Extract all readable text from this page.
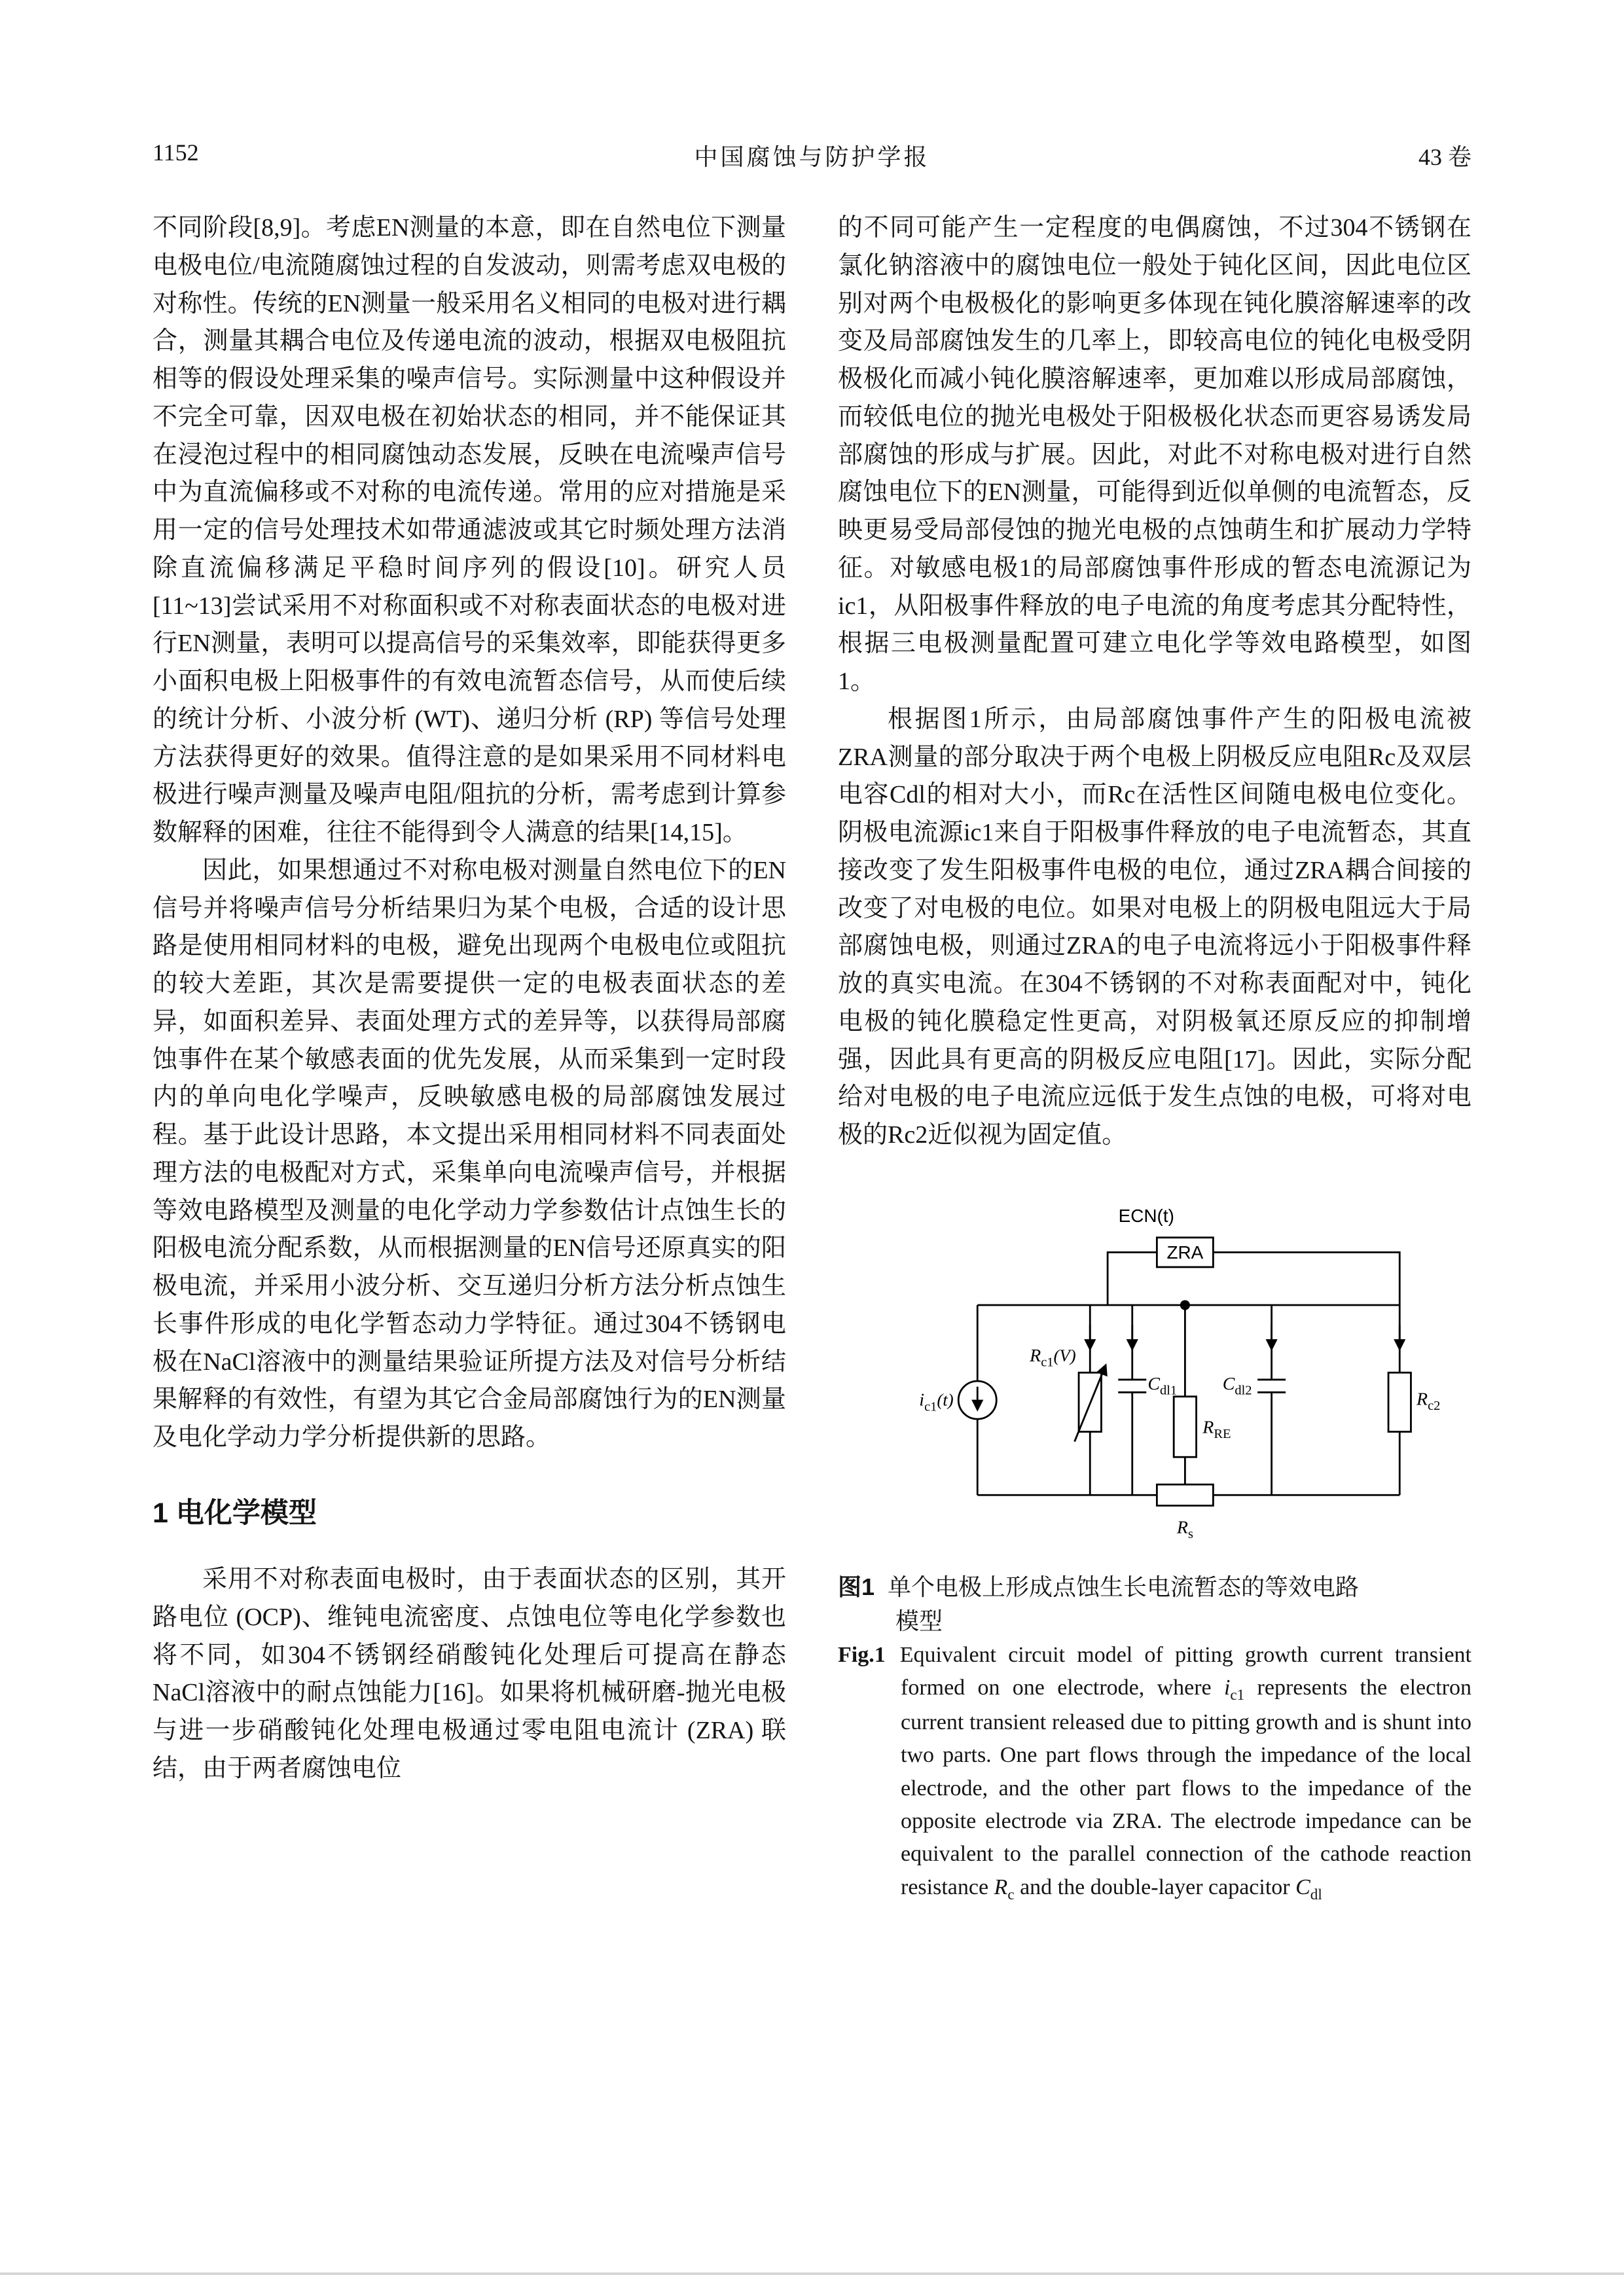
1152	中国腐蚀与防护学报	43 卷

不同阶段[8,9]。考虑EN测量的本意，即在自然电位下测量电极电位/电流随腐蚀过程的自发波动，则需考虑双电极的对称性。传统的EN测量一般采用名义相同的电极对进行耦合，测量其耦合电位及传递电流的波动，根据双电极阻抗相等的假设处理采集的噪声信号。实际测量中这种假设并不完全可靠，因双电极在初始状态的相同，并不能保证其在浸泡过程中的相同腐蚀动态发展，反映在电流噪声信号中为直流偏移或不对称的电流传递。常用的应对措施是采用一定的信号处理技术如带通滤波或其它时频处理方法消除直流偏移满足平稳时间序列的假设[10]。研究人员[11~13]尝试采用不对称面积或不对称表面状态的电极对进行EN测量，表明可以提高信号的采集效率，即能获得更多小面积电极上阳极事件的有效电流暂态信号，从而使后续的统计分析、小波分析 (WT)、递归分析 (RP) 等信号处理方法获得更好的效果。值得注意的是如果采用不同材料电极进行噪声测量及噪声电阻/阻抗的分析，需考虑到计算参数解释的困难，往往不能得到令人满意的结果[14,15]。

因此，如果想通过不对称电极对测量自然电位下的EN信号并将噪声信号分析结果归为某个电极，合适的设计思路是使用相同材料的电极，避免出现两个电极电位或阻抗的较大差距，其次是需要提供一定的电极表面状态的差异，如面积差异、表面处理方式的差异等，以获得局部腐蚀事件在某个敏感表面的优先发展，从而采集到一定时段内的单向电化学噪声，反映敏感电极的局部腐蚀发展过程。基于此设计思路，本文提出采用相同材料不同表面处理方法的电极配对方式，采集单向电流噪声信号，并根据等效电路模型及测量的电化学动力学参数估计点蚀生长的阳极电流分配系数，从而根据测量的EN信号还原真实的阳极电流，并采用小波分析、交互递归分析方法分析点蚀生长事件形成的电化学暂态动力学特征。通过304不锈钢电极在NaCl溶液中的测量结果验证所提方法及对信号分析结果解释的有效性，有望为其它合金局部腐蚀行为的EN测量及电化学动力学分析提供新的思路。

1 电化学模型

采用不对称表面电极时，由于表面状态的区别，其开路电位 (OCP)、维钝电流密度、点蚀电位等电化学参数也将不同，如304不锈钢经硝酸钝化处理后可提高在静态NaCl溶液中的耐点蚀能力[16]。如果将机械研磨-抛光电极与进一步硝酸钝化处理电极通过零电阻电流计 (ZRA) 联结，由于两者腐蚀电位

的不同可能产生一定程度的电偶腐蚀，不过304不锈钢在氯化钠溶液中的腐蚀电位一般处于钝化区间，因此电位区别对两个电极极化的影响更多体现在钝化膜溶解速率的改变及局部腐蚀发生的几率上，即较高电位的钝化电极受阴极极化而减小钝化膜溶解速率，更加难以形成局部腐蚀，而较低电位的抛光电极处于阳极极化状态而更容易诱发局部腐蚀的形成与扩展。因此，对此不对称电极对进行自然腐蚀电位下的EN测量，可能得到近似单侧的电流暂态，反映更易受局部侵蚀的抛光电极的点蚀萌生和扩展动力学特征。对敏感电极1的局部腐蚀事件形成的暂态电流源记为ic1，从阳极事件释放的电子电流的角度考虑其分配特性，根据三电极测量配置可建立电化学等效电路模型，如图1。

根据图1所示，由局部腐蚀事件产生的阳极电流被ZRA测量的部分取决于两个电极上阴极反应电阻Rc及双层电容Cdl的相对大小，而Rc在活性区间随电极电位变化。阴极电流源ic1来自于阳极事件释放的电子电流暂态，其直接改变了发生阳极事件电极的电位，通过ZRA耦合间接的改变了对电极的电位。如果对电极上的阴极电阻远大于局部腐蚀电极，则通过ZRA的电子电流将远小于阳极事件释放的真实电流。在304不锈钢的不对称表面配对中，钝化电极的钝化膜稳定性更高，对阴极氧还原反应的抑制增强，因此具有更高的阴极反应电阻[17]。因此，实际分配给对电极的电子电流应远低于发生点蚀的电极，可将对电极的Rc2近似视为固定值。

ECN(t)
ZRA
ic1(t)
Rc1(V)
Cdl1
RRE
Cdl2	Rc2
Rs

图1 单个电极上形成点蚀生长电流暂态的等效电路模型

Fig.1 Equivalent circuit model of pitting growth current transient formed on one electrode, where $i_{c1}$ represents the electron current transient released due to pitting growth and is shunt into two parts. One part flows through the impedance of the local electrode, and the other part flows to the impedance of the opposite electrode via ZRA. The electrode impedance can be equivalent to the parallel connection of the cathode reaction resistance $R_c$ and the double-layer capacitor $C_{dl}$
